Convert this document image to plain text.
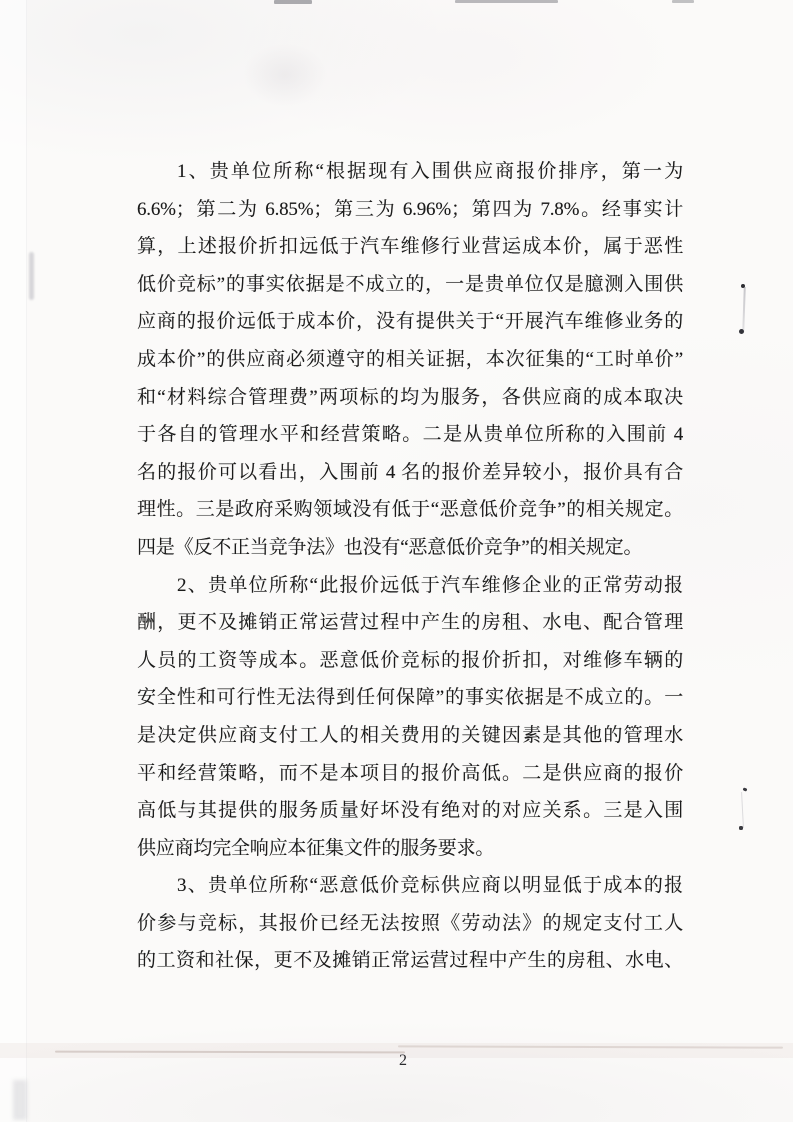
1、贵单位所称“根据现有入围供应商报价排序，第一为
6.6%；第二为 6.85%；第三为 6.96%；第四为 7.8%。经事实计
算，上述报价折扣远低于汽车维修行业营运成本价，属于恶性
低价竞标”的事实依据是不成立的，一是贵单位仅是臆测入围供
应商的报价远低于成本价，没有提供关于“开展汽车维修业务的
成本价”的供应商必须遵守的相关证据，本次征集的“工时单价”
和“材料综合管理费”两项标的均为服务，各供应商的成本取决
于各自的管理水平和经营策略。二是从贵单位所称的入围前 4
名的报价可以看出，入围前 4 名的报价差异较小，报价具有合
理性。三是政府采购领域没有低于“恶意低价竞争”的相关规定。
四是《反不正当竞争法》也没有“恶意低价竞争”的相关规定。
2、贵单位所称“此报价远低于汽车维修企业的正常劳动报
酬，更不及摊销正常运营过程中产生的房租、水电、配合管理
人员的工资等成本。恶意低价竞标的报价折扣，对维修车辆的
安全性和可行性无法得到任何保障”的事实依据是不成立的。一
是决定供应商支付工人的相关费用的关键因素是其他的管理水
平和经营策略，而不是本项目的报价高低。二是供应商的报价
高低与其提供的服务质量好坏没有绝对的对应关系。三是入围
供应商均完全响应本征集文件的服务要求。
3、贵单位所称“恶意低价竞标供应商以明显低于成本的报
价参与竞标，其报价已经无法按照《劳动法》的规定支付工人
的工资和社保，更不及摊销正常运营过程中产生的房租、水电、
2
